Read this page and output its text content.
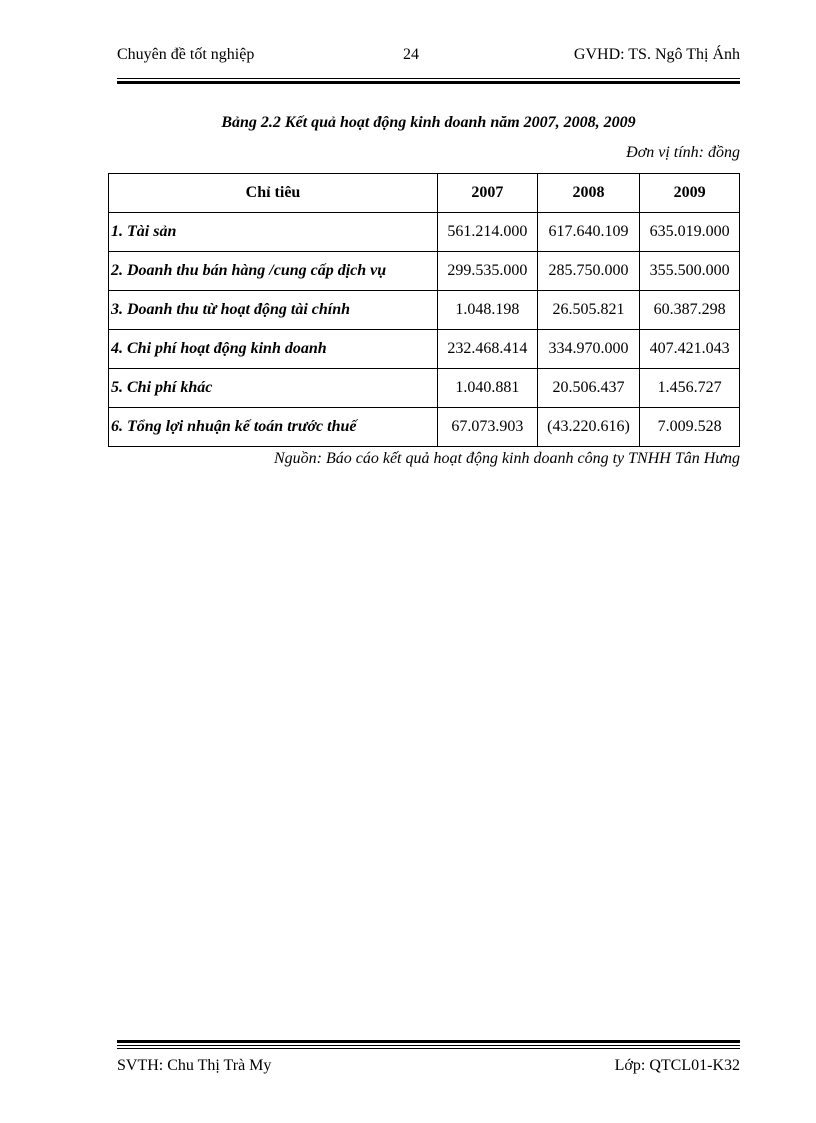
Chuyên đề tốt nghiệp	24	GVHD: TS. Ngô Thị Ánh
Bảng 2.2 Kết quả hoạt động kinh doanh năm 2007, 2008, 2009
Đơn vị tính: đồng
Chỉ tiêu	2007	2008	2009
1. Tài sản	561.214.000	617.640.109	635.019.000
2. Doanh thu bán hàng /cung cấp dịch vụ	299.535.000	285.750.000	355.500.000
3. Doanh thu từ hoạt động tài chính	1.048.198	26.505.821	60.387.298
4. Chi phí hoạt động kinh doanh	232.468.414	334.970.000	407.421.043
5. Chi phí khác	1.040.881	20.506.437	1.456.727
6. Tổng lợi nhuận kế toán trước thuế	67.073.903	(43.220.616)	7.009.528
Nguồn: Báo cáo kết quả hoạt động kinh doanh công ty TNHH Tân Hưng
SVTH: Chu Thị Trà My	Lớp: QTCL01-K32
